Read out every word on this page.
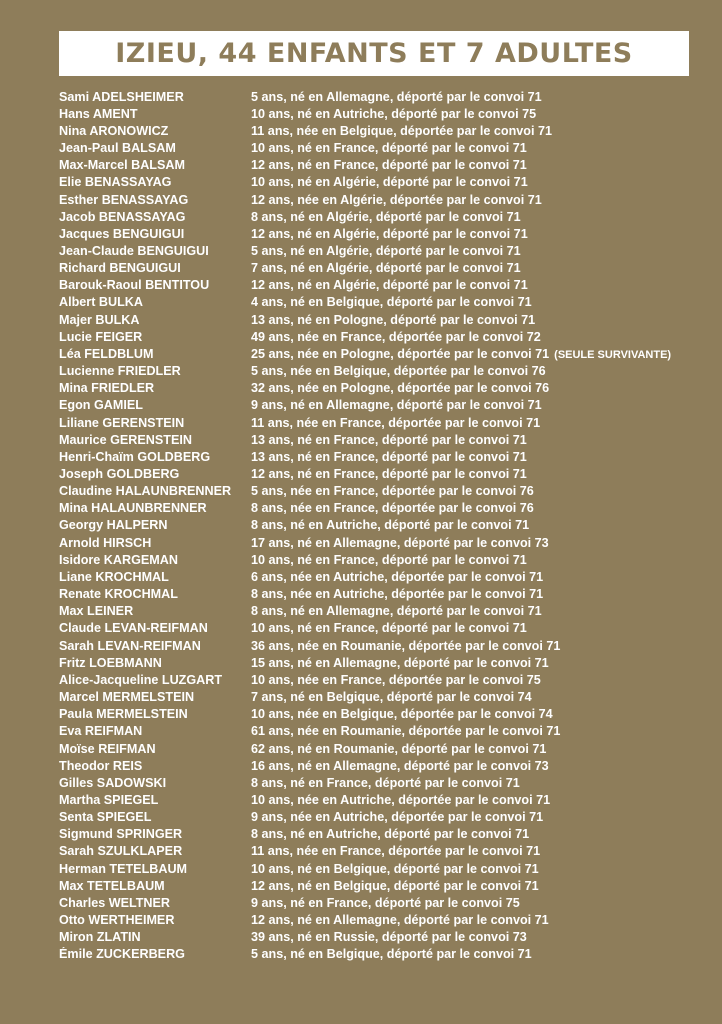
IZIEU, 44 ENFANTS ET 7 ADULTES
Sami ADELSHEIMER	5 ans, né en Allemagne, déporté par le convoi 71
Hans AMENT	10 ans, né en Autriche, déporté par le convoi 75
Nina ARONOWICZ	11 ans, née en Belgique, déportée par le convoi 71
Jean-Paul BALSAM	10 ans, né en France, déporté par le convoi 71
Max-Marcel BALSAM	12 ans, né en France, déporté par le convoi 71
Elie BENASSAYAG	10 ans, né en Algérie, déporté par le convoi 71
Esther BENASSAYAG	12 ans, née en Algérie, déportée par le convoi 71
Jacob BENASSAYAG	8 ans, né en Algérie, déporté par le convoi 71
Jacques BENGUIGUI	12 ans, né en Algérie, déporté par le convoi 71
Jean-Claude BENGUIGUI	5 ans, né en Algérie, déporté par le convoi 71
Richard BENGUIGUI	7 ans, né en Algérie, déporté par le convoi 71
Barouk-Raoul BENTITOU	12 ans, né en Algérie, déporté par le convoi 71
Albert BULKA	4 ans, né en Belgique, déporté par le convoi 71
Majer BULKA	13 ans, né en Pologne, déporté par le convoi 71
Lucie FEIGER	49 ans, née en France, déportée par le convoi 72
Léa FELDBLUM	25 ans, née en Pologne, déportée par le convoi 71 (SEULE SURVIVANTE)
Lucienne FRIEDLER	5 ans, née en Belgique, déportée par le convoi 76
Mina FRIEDLER	32 ans, née en Pologne, déportée par le convoi 76
Egon GAMIEL	9 ans, né en Allemagne, déporté par le convoi 71
Liliane GERENSTEIN	11 ans, née en France, déportée par le convoi 71
Maurice GERENSTEIN	13 ans, né en France, déporté par le convoi 71
Henri-Chaïm GOLDBERG	13 ans, né en France, déporté par le convoi 71
Joseph GOLDBERG	12 ans, né en France, déporté par le convoi 71
Claudine HALAUNBRENNER	5 ans, née en France, déportée par le convoi 76
Mina HALAUNBRENNER	8 ans, née en France, déportée par le convoi 76
Georgy HALPERN	8 ans, né en Autriche, déporté par le convoi 71
Arnold HIRSCH	17 ans, né en Allemagne, déporté par le convoi 73
Isidore KARGEMAN	10 ans, né en France, déporté par le convoi 71
Liane KROCHMAL	6 ans, née en Autriche, déportée par le convoi 71
Renate KROCHMAL	8 ans, née en Autriche, déportée par le convoi 71
Max LEINER	8 ans, né en Allemagne, déporté par le convoi 71
Claude LEVAN-REIFMAN	10 ans, né en France, déporté par le convoi 71
Sarah LEVAN-REIFMAN	36 ans, née en Roumanie, déportée par le convoi 71
Fritz LOEBMANN	15 ans, né en Allemagne, déporté par le convoi 71
Alice-Jacqueline LUZGART	10 ans, née en France, déportée par le convoi 75
Marcel MERMELSTEIN	7 ans, né en Belgique, déporté par le convoi 74
Paula MERMELSTEIN	10 ans, née en Belgique, déportée par le convoi 74
Eva REIFMAN	61 ans, née en Roumanie, déportée par le convoi 71
Moïse REIFMAN	62 ans, né en Roumanie, déporté par le convoi 71
Theodor REIS	16 ans, né en Allemagne, déporté par le convoi 73
Gilles SADOWSKI	8 ans, né en France, déporté par le convoi 71
Martha SPIEGEL	10 ans, née en Autriche, déportée par le convoi 71
Senta SPIEGEL	9 ans, née en Autriche, déportée par le convoi 71
Sigmund SPRINGER	8 ans, né en Autriche, déporté par le convoi 71
Sarah SZULKLAPER	11 ans, née en France, déportée par le convoi 71
Herman TETELBAUM	10 ans, né en Belgique, déporté par le convoi 71
Max TETELBAUM	12 ans, né en Belgique, déporté par le convoi 71
Charles WELTNER	9 ans, né en France, déporté par le convoi 75
Otto WERTHEIMER	12 ans, né en Allemagne, déporté par le convoi 71
Miron ZLATIN	39 ans, né en Russie, déporté par le convoi 73
Émile ZUCKERBERG	5 ans, né en Belgique, déporté par le convoi 71
